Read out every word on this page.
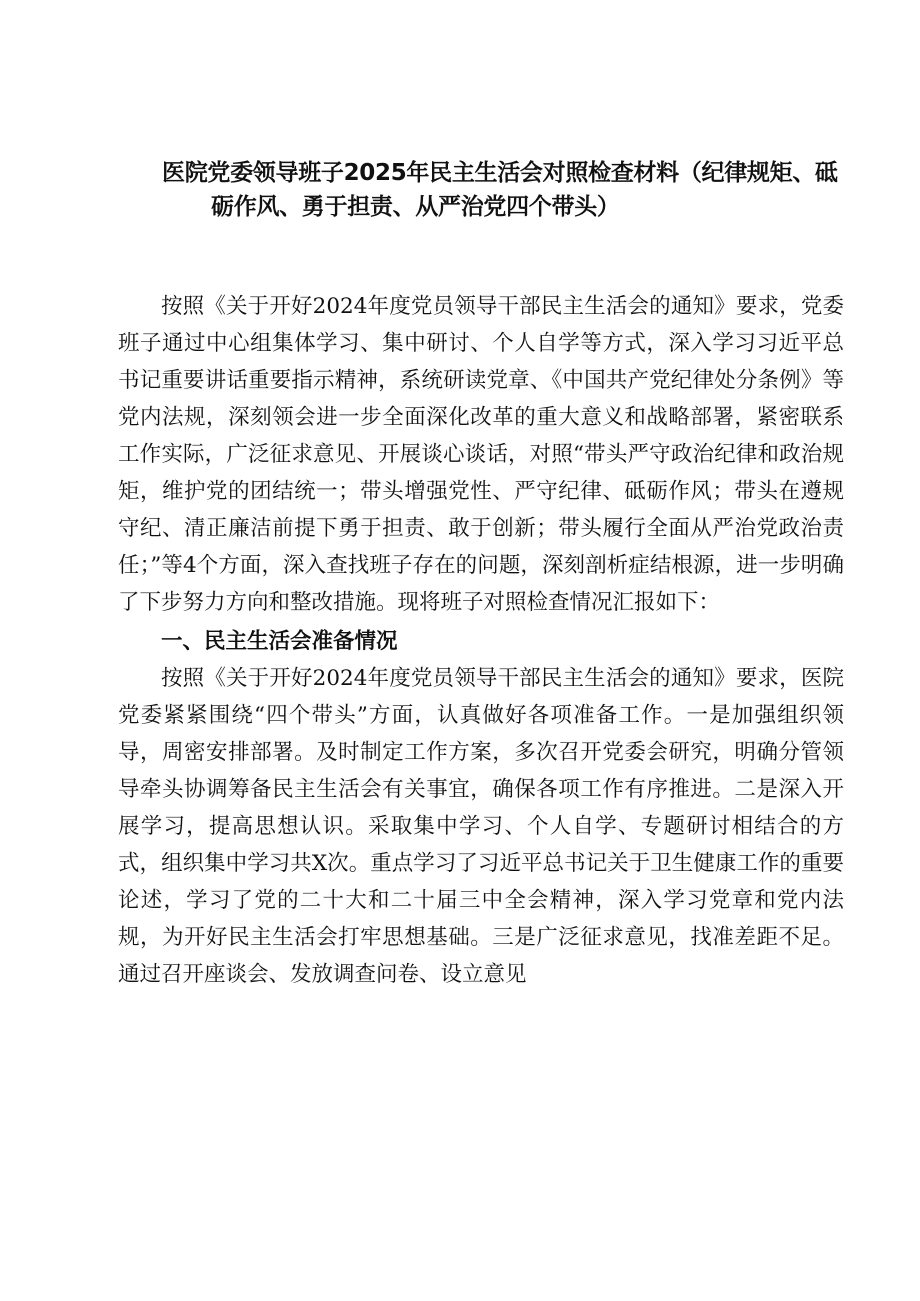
医院党委领导班子2025年民主生活会对照检查材料（纪律规矩、砥
砺作风、勇于担责、从严治党四个带头）

按照《关于开好2024年度党员领导干部民主生活会的通知》要求，党委班子通过中心组集体学习、集中研讨、个人自学等方式，深入学习习近平总书记重要讲话重要指示精神，系统研读党章、《中国共产党纪律处分条例》等党内法规，深刻领会进一步全面深化改革的重大意义和战略部署，紧密联系工作实际，广泛征求意见、开展谈心谈话，对照“带头严守政治纪律和政治规矩，维护党的团结统一；带头增强党性、严守纪律、砥砺作风；带头在遵规守纪、清正廉洁前提下勇于担责、敢于创新；带头履行全面从严治党政治责任；”等4个方面，深入查找班子存在的问题，深刻剖析症结根源，进一步明确了下步努力方向和整改措施。现将班子对照检查情况汇报如下：

一、民主生活会准备情况

按照《关于开好2024年度党员领导干部民主生活会的通知》要求，医院党委紧紧围绕“四个带头”方面，认真做好各项准备工作。一是加强组织领导，周密安排部署。及时制定工作方案，多次召开党委会研究，明确分管领导牵头协调筹备民主生活会有关事宜，确保各项工作有序推进。二是深入开展学习，提高思想认识。采取集中学习、个人自学、专题研讨相结合的方式，组织集中学习共X次。重点学习了习近平总书记关于卫生健康工作的重要论述，学习了党的二十大和二十届三中全会精神，深入学习党章和党内法规，为开好民主生活会打牢思想基础。三是广泛征求意见，找准差距不足。通过召开座谈会、发放调查问卷、设立意见
